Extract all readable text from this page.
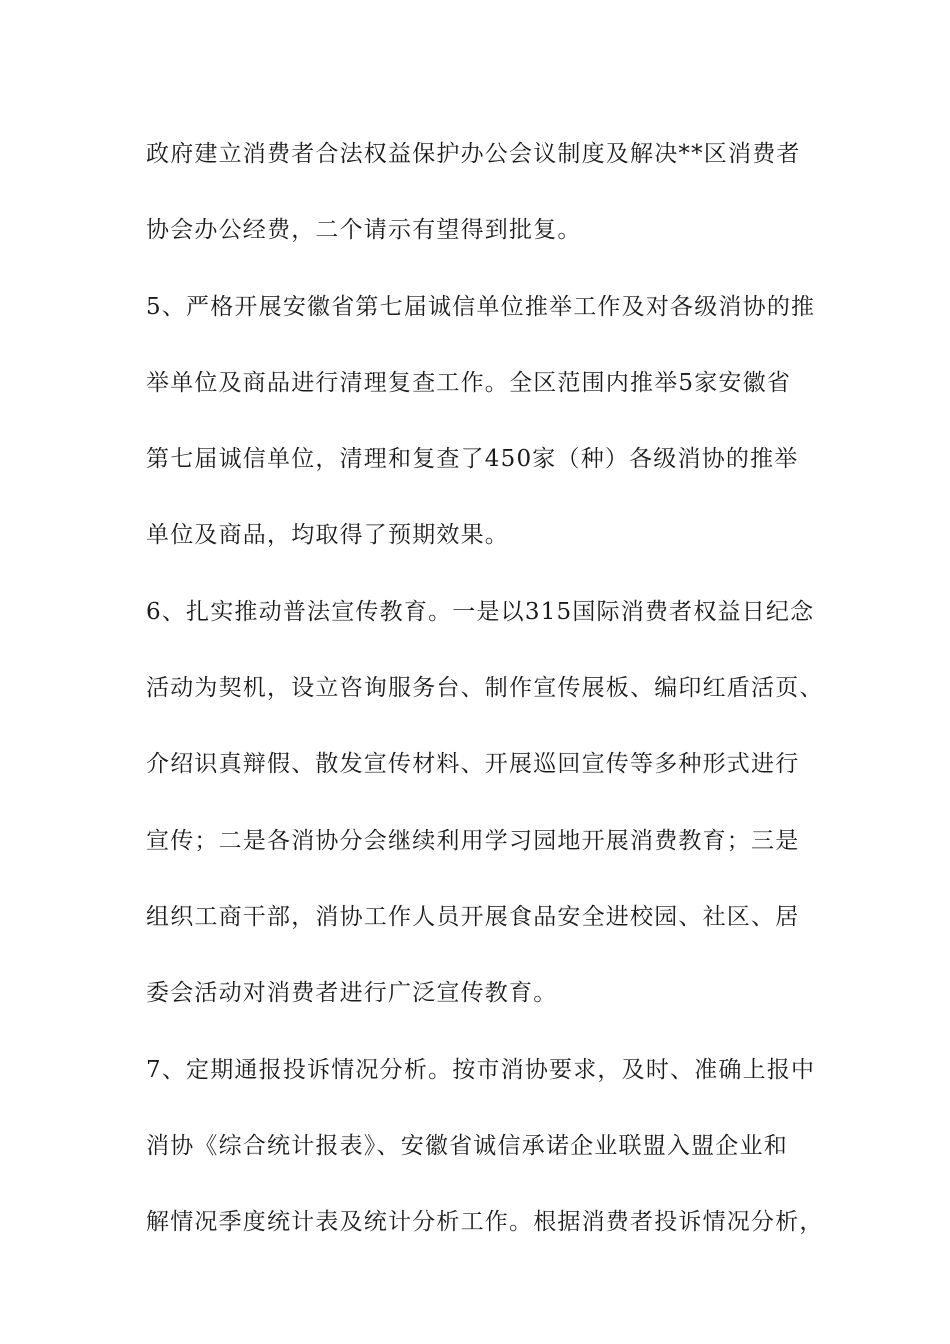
政府建立消费者合法权益保护办公会议制度及解决**区消费者
协会办公经费，二个请示有望得到批复。
5、严格开展安徽省第七届诚信单位推举工作及对各级消协的推
举单位及商品进行清理复查工作。全区范围内推举5家安徽省
第七届诚信单位，清理和复查了450家（种）各级消协的推举
单位及商品，均取得了预期效果。
6、扎实推动普法宣传教育。一是以315国际消费者权益日纪念
活动为契机，设立咨询服务台、制作宣传展板、编印红盾活页、
介绍识真辩假、散发宣传材料、开展巡回宣传等多种形式进行
宣传；二是各消协分会继续利用学习园地开展消费教育；三是
组织工商干部，消协工作人员开展食品安全进校园、社区、居
委会活动对消费者进行广泛宣传教育。
7、定期通报投诉情况分析。按市消协要求，及时、准确上报中
消协《综合统计报表》、安徽省诚信承诺企业联盟入盟企业和
解情况季度统计表及统计分析工作。根据消费者投诉情况分析，
